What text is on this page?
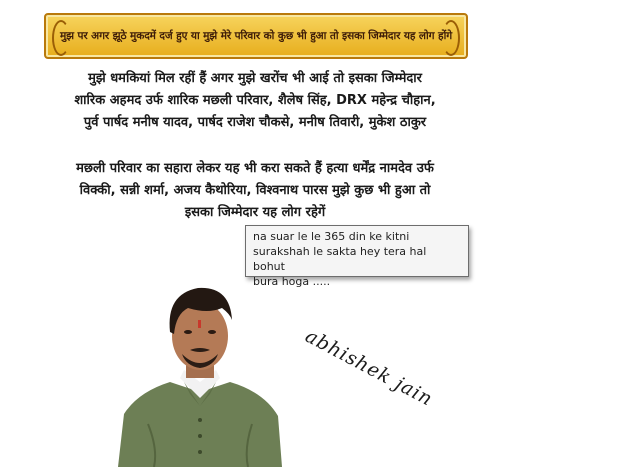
मुझ पर अगर झूठे मुकदमें दर्ज हुए या मुझे मेरे परिवार को कुछ भी हुआ तो इसका जिम्मेदार यह लोग होंगे

मुझे धमकियां मिल रहीं हैं अगर मुझे खरोंच भी आई तो इसका जिम्मेदार

शारिक अहमद उर्फ शारिक मछली परिवार, शैलेष सिंह, DRX महेन्द्र चौहान,

पुर्व पार्षद मनीष यादव, पार्षद राजेश चौकसे, मनीष तिवारी, मुकेश ठाकुर

मछली परिवार का सहारा लेकर यह भी करा सकते हैं हत्या धर्मेंद्र नामदेव उर्फ

विक्की, सन्नी शर्मा, अजय कैथोरिया, विश्वनाथ पारस मुझे कुछ भी हुआ तो

इसका जिम्मेदार यह लोग रहेगें

na suar le le 365 din ke kitni
surakshah le sakta hey tera hal bohut
bura hoga .....
abhishek jain
